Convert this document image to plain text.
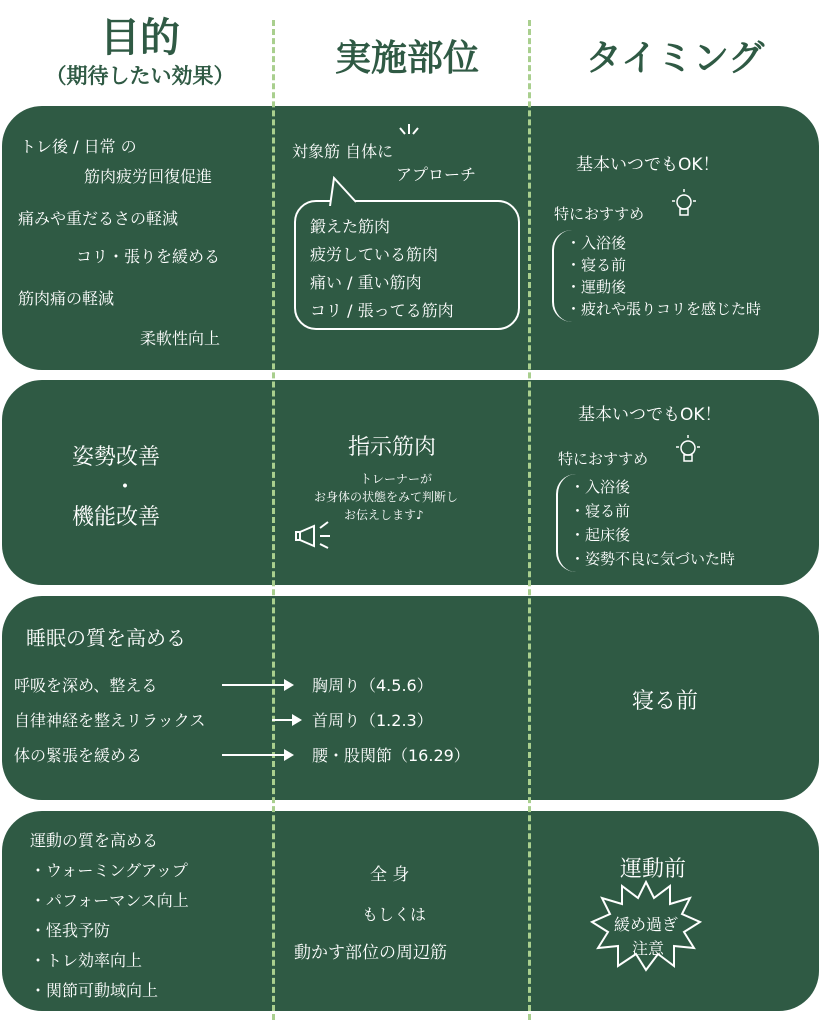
目的
（期待したい効果）	実施部位	タイミング
トレ後 / 日常 の
筋肉疲労回復促進
痛みや重だるさの軽減
コリ・張りを緩める
筋肉痛の軽減
柔軟性向上
対象筋 自体に
アプローチ
鍛えた筋肉
疲労している筋肉
痛い / 重い筋肉
コリ / 張ってる筋肉
基本いつでもOK！
特におすすめ
・入浴後
・寝る前
・運動後
・疲れや張りコリを感じた時
姿勢改善
・
機能改善
指示筋肉
トレーナーが
お身体の状態をみて判断し
お伝えします♪
基本いつでもOK！
特におすすめ
・入浴後
・寝る前
・起床後
・姿勢不良に気づいた時
睡眠の質を高める
呼吸を深め、整える
自律神経を整えリラックス
体の緊張を緩める
胸周り（4.5.6）
首周り（1.2.3）
腰・股関節（16.29）
寝る前
運動の質を高める
・ウォーミングアップ
・パフォーマンス向上
・怪我予防
・トレ効率向上
・関節可動域向上
全 身
もしくは
動かす部位の周辺筋
運動前
緩め過ぎ
注意
